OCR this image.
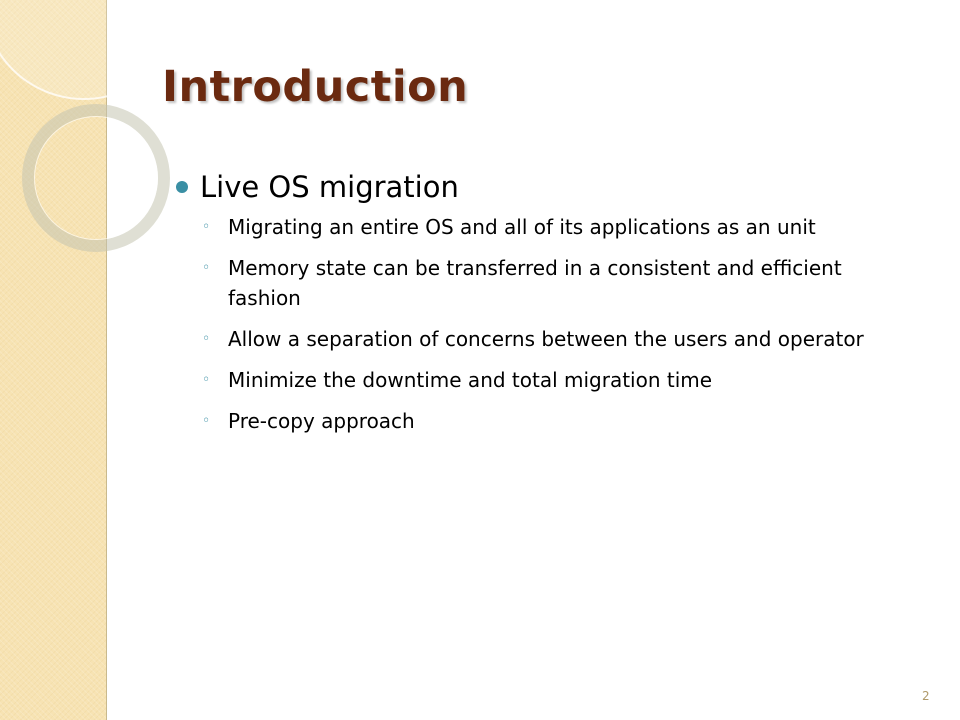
Introduction
Live OS migration
◦ Migrating an entire OS and all of its applications as an unit
◦ Memory state can be transferred in a consistent and efficient fashion
◦ Allow a separation of concerns between the users and operator
◦ Minimize the downtime and total migration time
◦ Pre-copy approach
2
